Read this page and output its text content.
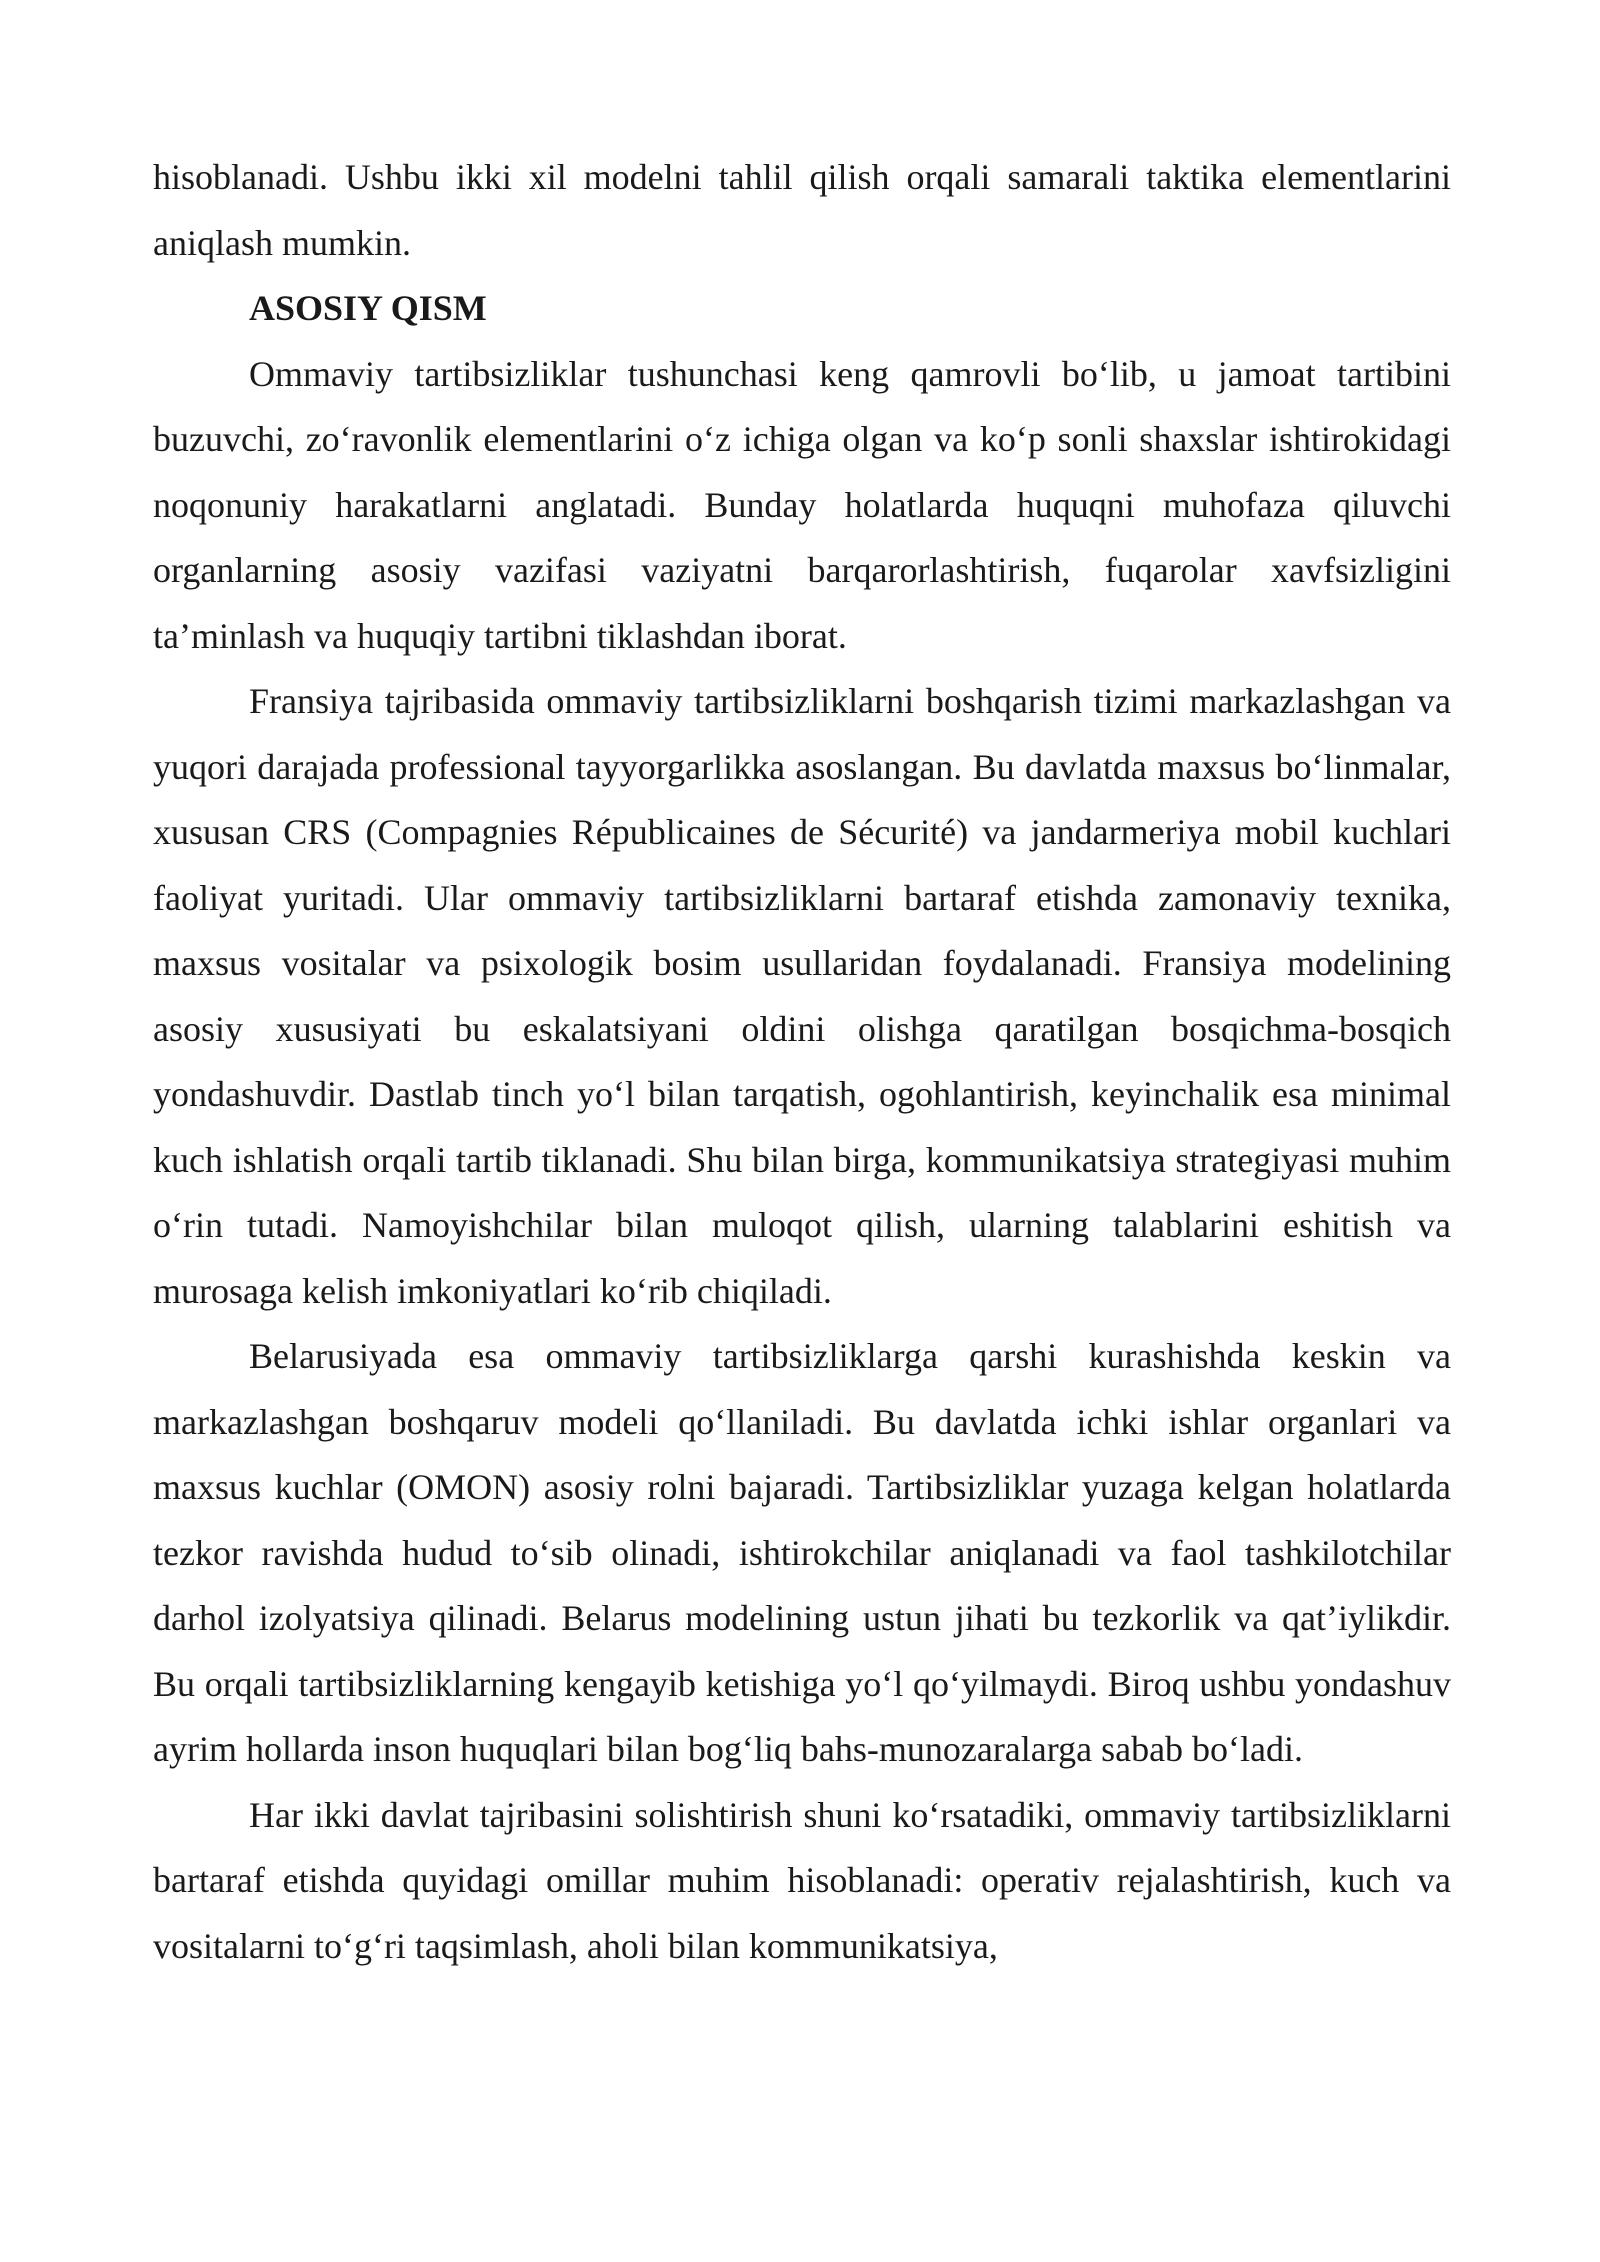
hisoblanadi. Ushbu ikki xil modelni tahlil qilish orqali samarali taktika elementlarini aniqlash mumkin.

ASOSIY QISM

Ommaviy tartibsizliklar tushunchasi keng qamrovli bo‘lib, u jamoat tartibini buzuvchi, zo‘ravonlik elementlarini o‘z ichiga olgan va ko‘p sonli shaxslar ishtirokidagi noqonuniy harakatlarni anglatadi. Bunday holatlarda huquqni muhofaza qiluvchi organlarning asosiy vazifasi vaziyatni barqarorlashtirish, fuqarolar xavfsizligini ta’minlash va huquqiy tartibni tiklashdan iborat.

Fransiya tajribasida ommaviy tartibsizliklarni boshqarish tizimi markazlashgan va yuqori darajada professional tayyorgarlikka asoslangan. Bu davlatda maxsus bo‘linmalar, xususan CRS (Compagnies Républicaines de Sécurité) va jandarmeriya mobil kuchlari faoliyat yuritadi. Ular ommaviy tartibsizliklarni bartaraf etishda zamonaviy texnika, maxsus vositalar va psixologik bosim usullaridan foydalanadi. Fransiya modelining asosiy xususiyati bu eskalatsiyani oldini olishga qaratilgan bosqichma-bosqich yondashuvdir. Dastlab tinch yo‘l bilan tarqatish, ogohlantirish, keyinchalik esa minimal kuch ishlatish orqali tartib tiklanadi. Shu bilan birga, kommunikatsiya strategiyasi muhim o‘rin tutadi. Namoyishchilar bilan muloqot qilish, ularning talablarini eshitish va murosaga kelish imkoniyatlari ko‘rib chiqiladi.

Belarusiyada esa ommaviy tartibsizliklarga qarshi kurashishda keskin va markazlashgan boshqaruv modeli qo‘llaniladi. Bu davlatda ichki ishlar organlari va maxsus kuchlar (OMON) asosiy rolni bajaradi. Tartibsizliklar yuzaga kelgan holatlarda tezkor ravishda hudud to‘sib olinadi, ishtirokchilar aniqlanadi va faol tashkilotchilar darhol izolyatsiya qilinadi. Belarus modelining ustun jihati bu tezkorlik va qat’iylikdir. Bu orqali tartibsizliklarning kengayib ketishiga yo‘l qo‘yilmaydi. Biroq ushbu yondashuv ayrim hollarda inson huquqlari bilan bog‘liq bahs-munozaralarga sabab bo‘ladi.

Har ikki davlat tajribasini solishtirish shuni ko‘rsatadiki, ommaviy tartibsizliklarni bartaraf etishda quyidagi omillar muhim hisoblanadi: operativ rejalashtirish, kuch va vositalarni to‘g‘ri taqsimlash, aholi bilan kommunikatsiya,
